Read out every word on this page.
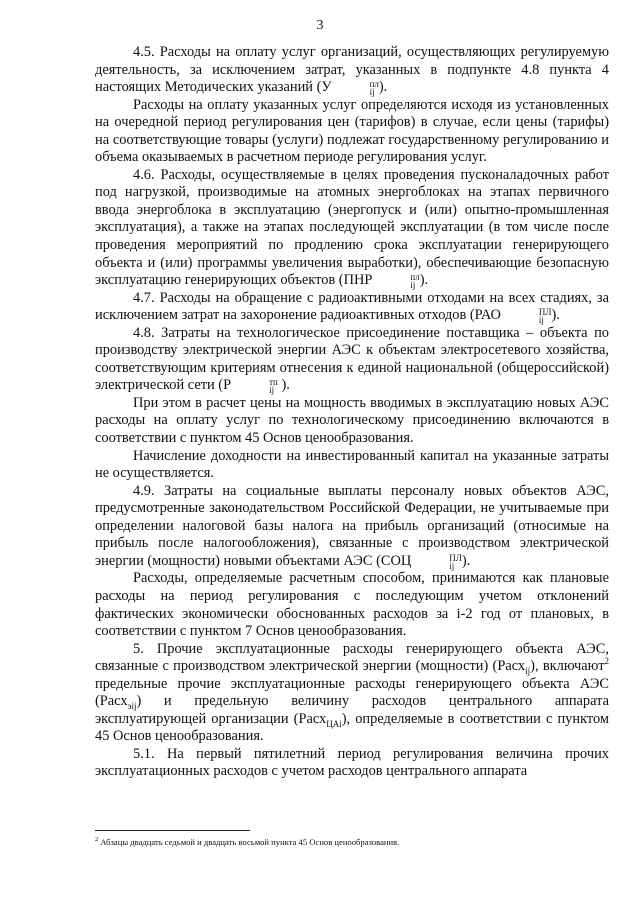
3

4.5. Расходы на оплату услуг организаций, осуществляющих регулируемую деятельность, за исключением затрат, указанных в подпункте 4.8 пункта 4 настоящих Методических указаний (У	пл
ij ).

Расходы на оплату указанных услуг определяются исходя из установленных на очередной период регулирования цен (тарифов) в случае, если цены (тарифы) на соответствующие товары (услуги) подлежат государственному регулированию и объема оказываемых в расчетном периоде регулирования услуг.

4.6. Расходы, осуществляемые в целях проведения пусконаладочных работ под нагрузкой, производимые на атомных энергоблоках на этапах первичного ввода энергоблока в эксплуатацию (энергопуск и (или) опытно-промышленная эксплуатация), а также на этапах последующей эксплуатации (в том числе после проведения мероприятий по продлению срока эксплуатации генерирующего объекта и (или) программы увеличения выработки), обеспечивающие безопасную эксплуатацию генерирующих объектов (ПНР	пл
ij ).

4.7. Расходы на обращение с радиоактивными отходами на всех стадиях, за исключением затрат на захоронение радиоактивных отходов (РАО	ПЛ
ij ).

4.8. Затраты на технологическое присоединение поставщика – объекта по производству электрической энергии АЭС к объектам электросетевого хозяйства, соответствующим критериям отнесения к единой национальной (общероссийской) электрической сети (Р	тп
ij ).

При этом в расчет цены на мощность вводимых в эксплуатацию новых АЭС расходы на оплату услуг по технологическому присоединению включаются в соответствии с пунктом 45 Основ ценообразования.

Начисление доходности на инвестированный капитал на указанные затраты не осуществляется.

4.9. Затраты на социальные выплаты персоналу новых объектов АЭС, предусмотренные законодательством Российской Федерации, не учитываемые при определении налоговой базы налога на прибыль организаций (относимые на прибыль после налогообложения), связанные с производством электрической энергии (мощности) новыми объектами АЭС (СОЦ	ПЛ
ij ).

Расходы, определяемые расчетным способом, принимаются как плановые расходы на период регулирования с последующим учетом отклонений фактических экономически обоснованных расходов за i-2 год от плановых, в соответствии с пунктом 7 Основ ценообразования.

5. Прочие эксплуатационные расходы генерирующего объекта АЭС, связанные с производством электрической энергии (мощности) (Расх$_{ij}$), включают$^2$ предельные прочие эксплуатационные расходы генерирующего объекта АЭС (Расх$_{эij}$) и предельную величину расходов центрального аппарата эксплуатирующей организации (Расх$_{ЦАi}$), определяемые в соответствии с пунктом 45 Основ ценообразования.

5.1. На первый пятилетний период регулирования величина прочих эксплуатационных расходов с учетом расходов центрального аппарата

$^2$ Абзацы двадцать седьмой и двадцать восьмой пункта 45 Основ ценообразования.
